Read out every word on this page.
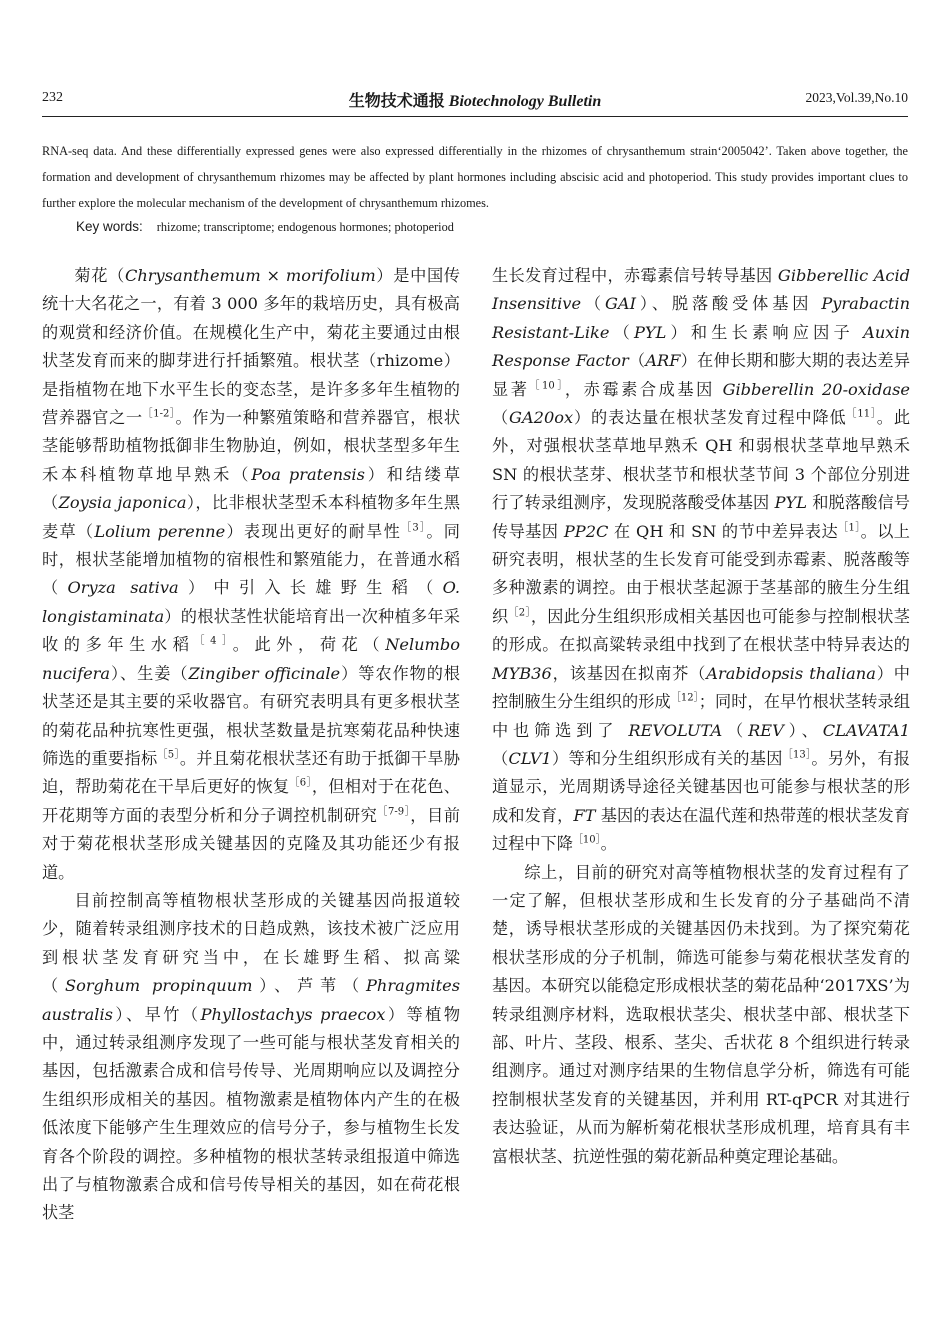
232	生物技术通报 Biotechnology Bulletin	2023,Vol.39,No.10

RNA-seq data. And these differentially expressed genes were also expressed differentially in the rhizomes of chrysanthemum strain‘2005042’. Taken above together, the formation and development of chrysanthemum rhizomes may be affected by plant hormones including abscisic acid and photoperiod. This study provides important clues to further explore the molecular mechanism of the development of chrysanthemum rhizomes.

Key words: rhizome; transcriptome; endogenous hormones; photoperiod

菊花（Chrysanthemum × morifolium）是中国传统十大名花之一，有着 3 000 多年的栽培历史，具有极高的观赏和经济价值。在规模化生产中，菊花主要通过由根状茎发育而来的脚芽进行扦插繁殖。根状茎（rhizome）是指植物在地下水平生长的变态茎，是许多多年生植物的营养器官之一$^{[1-2]}$。作为一种繁殖策略和营养器官，根状茎能够帮助植物抵御非生物胁迫，例如，根状茎型多年生禾本科植物草地早熟禾（Poa pratensis）和结缕草（Zoysia japonica），比非根状茎型禾本科植物多年生黑麦草（Lolium perenne）表现出更好的耐旱性$^{[3]}$。同时，根状茎能增加植物的宿根性和繁殖能力，在普通水稻（Oryza sativa）中引入长雄野生稻（O. longistaminata）的根状茎性状能培育出一次种植多年采收的多年生水稻$^{[4]}$。此外，荷花（Nelumbo nucifera）、生姜（Zingiber officinale）等农作物的根状茎还是其主要的采收器官。有研究表明具有更多根状茎的菊花品种抗寒性更强，根状茎数量是抗寒菊花品种快速筛选的重要指标$^{[5]}$。并且菊花根状茎还有助于抵御干旱胁迫，帮助菊花在干旱后更好的恢复$^{[6]}$，但相对于在花色、开花期等方面的表型分析和分子调控机制研究$^{[7-9]}$，目前对于菊花根状茎形成关键基因的克隆及其功能还少有报道。

目前控制高等植物根状茎形成的关键基因尚报道较少，随着转录组测序技术的日趋成熟，该技术被广泛应用到根状茎发育研究当中，在长雄野生稻、拟高粱（Sorghum propinquum）、芦苇（Phragmites australis）、早竹（Phyllostachys praecox）等植物中，通过转录组测序发现了一些可能与根状茎发育相关的基因，包括激素合成和信号传导、光周期响应以及调控分生组织形成相关的基因。植物激素是植物体内产生的在极低浓度下能够产生生理效应的信号分子，参与植物生长发育各个阶段的调控。多种植物的根状茎转录组报道中筛选出了与植物激素合成和信号传导相关的基因，如在荷花根状茎

生长发育过程中，赤霉素信号转导基因 Gibberellic Acid Insensitive（GAI）、脱落酸受体基因 Pyrabactin Resistant-Like（PYL）和生长素响应因子 Auxin Response Factor（ARF）在伸长期和膨大期的表达差异显著$^{[10]}$，赤霉素合成基因 Gibberellin 20-oxidase（GA20ox）的表达量在根状茎发育过程中降低$^{[11]}$。此外，对强根状茎草地早熟禾 QH 和弱根状茎草地早熟禾 SN 的根状茎芽、根状茎节和根状茎节间 3 个部位分别进行了转录组测序，发现脱落酸受体基因 PYL 和脱落酸信号传导基因 PP2C 在 QH 和 SN 的节中差异表达$^{[1]}$。以上研究表明，根状茎的生长发育可能受到赤霉素、脱落酸等多种激素的调控。由于根状茎起源于茎基部的腋生分生组织$^{[2]}$，因此分生组织形成相关基因也可能参与控制根状茎的形成。在拟高粱转录组中找到了在根状茎中特异表达的 MYB36，该基因在拟南芥（Arabidopsis thaliana）中控制腋生分生组织的形成$^{[12]}$；同时，在早竹根状茎转录组中也筛选到了 REVOLUTA（REV）、CLAVATA1（CLV1）等和分生组织形成有关的基因$^{[13]}$。另外，有报道显示，光周期诱导途径关键基因也可能参与根状茎的形成和发育，FT 基因的表达在温代莲和热带莲的根状茎发育过程中下降$^{[10]}$。

综上，目前的研究对高等植物根状茎的发育过程有了一定了解，但根状茎形成和生长发育的分子基础尚不清楚，诱导根状茎形成的关键基因仍未找到。为了探究菊花根状茎形成的分子机制，筛选可能参与菊花根状茎发育的基因。本研究以能稳定形成根状茎的菊花品种‘2017XS’为转录组测序材料，选取根状茎尖、根状茎中部、根状茎下部、叶片、茎段、根系、茎尖、舌状花 8 个组织进行转录组测序。通过对测序结果的生物信息学分析，筛选有可能控制根状茎发育的关键基因，并利用 RT-qPCR 对其进行表达验证，从而为解析菊花根状茎形成机理，培育具有丰富根状茎、抗逆性强的菊花新品种奠定理论基础。
